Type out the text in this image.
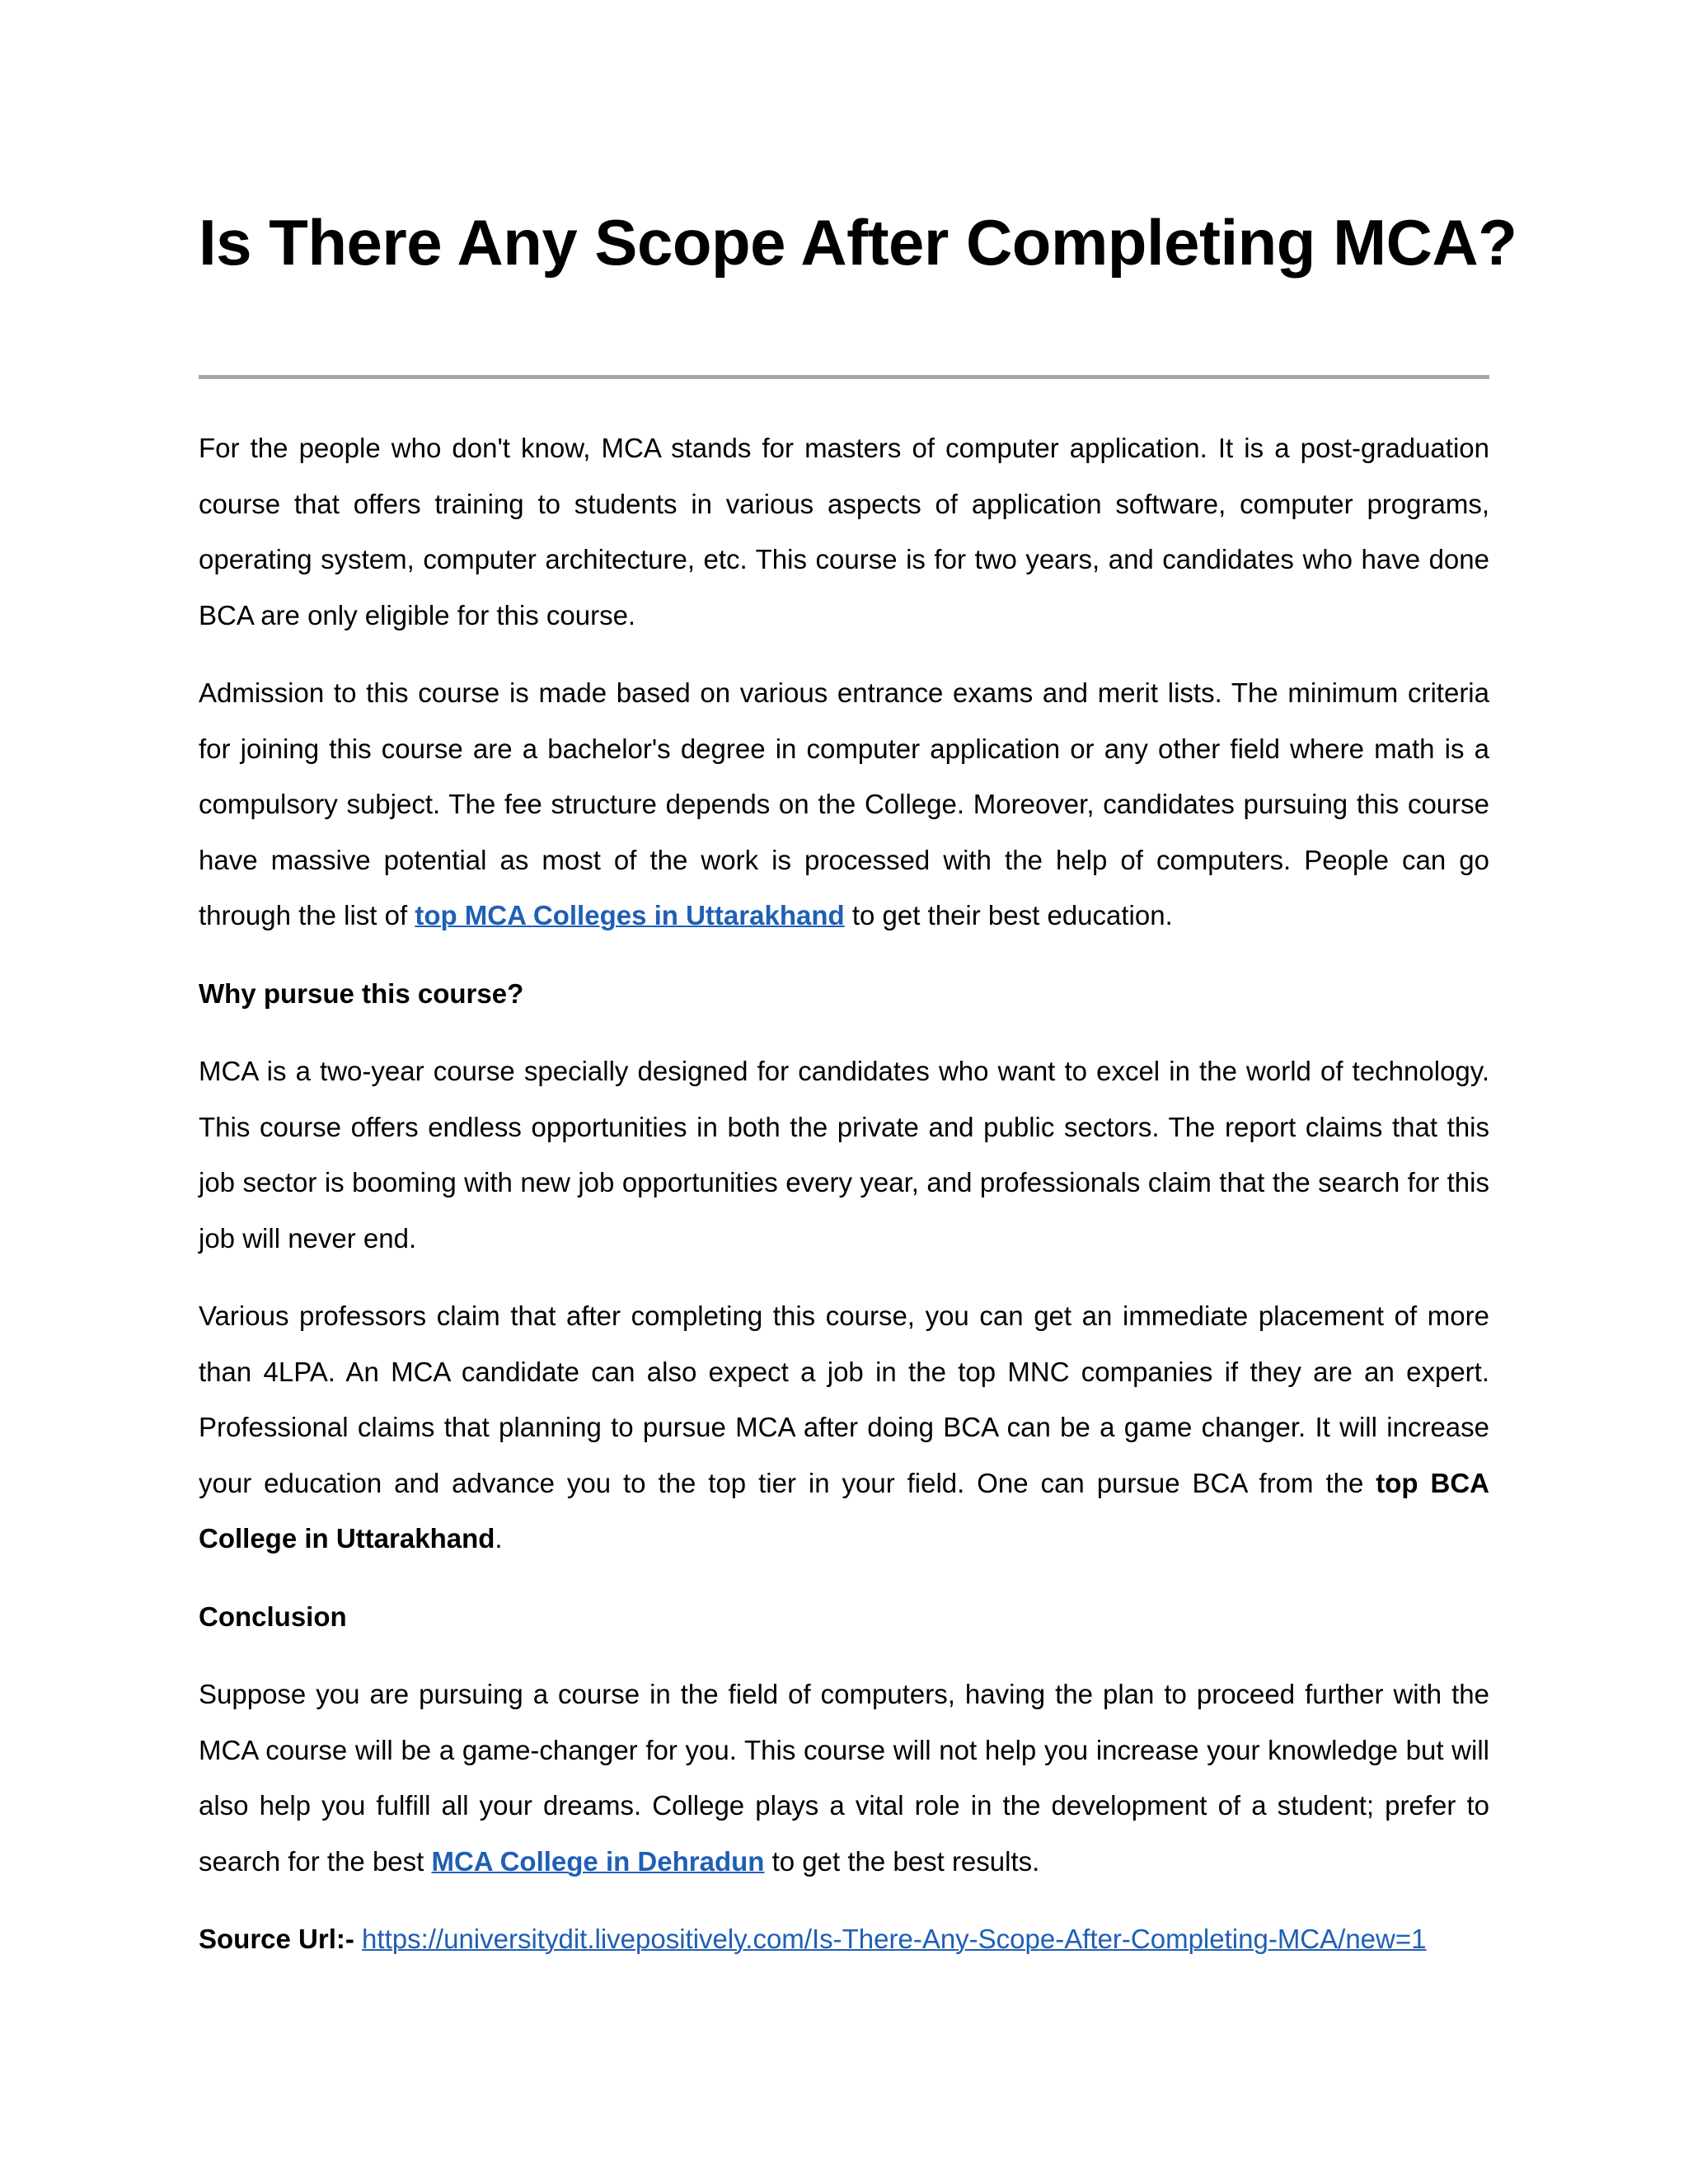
Is There Any Scope After Completing MCA?

For the people who don't know, MCA stands for masters of computer application. It is a post-graduation course that offers training to students in various aspects of application software, computer programs, operating system, computer architecture, etc. This course is for two years, and candidates who have done BCA are only eligible for this course.

Admission to this course is made based on various entrance exams and merit lists. The minimum criteria for joining this course are a bachelor's degree in computer application or any other field where math is a compulsory subject. The fee structure depends on the College. Moreover, candidates pursuing this course have massive potential as most of the work is processed with the help of computers. People can go through the list of top MCA Colleges in Uttarakhand to get their best education.

Why pursue this course?

MCA is a two-year course specially designed for candidates who want to excel in the world of technology. This course offers endless opportunities in both the private and public sectors. The report claims that this job sector is booming with new job opportunities every year, and professionals claim that the search for this job will never end.

Various professors claim that after completing this course, you can get an immediate placement of more than 4LPA. An MCA candidate can also expect a job in the top MNC companies if they are an expert. Professional claims that planning to pursue MCA after doing BCA can be a game changer. It will increase your education and advance you to the top tier in your field. One can pursue BCA from the top BCA College in Uttarakhand.

Conclusion

Suppose you are pursuing a course in the field of computers, having the plan to proceed further with the MCA course will be a game-changer for you. This course will not help you increase your knowledge but will also help you fulfill all your dreams. College plays a vital role in the development of a student; prefer to search for the best MCA College in Dehradun to get the best results.

Source Url:- https://universitydit.livepositively.com/Is-There-Any-Scope-After-Completing-MCA/new=1
